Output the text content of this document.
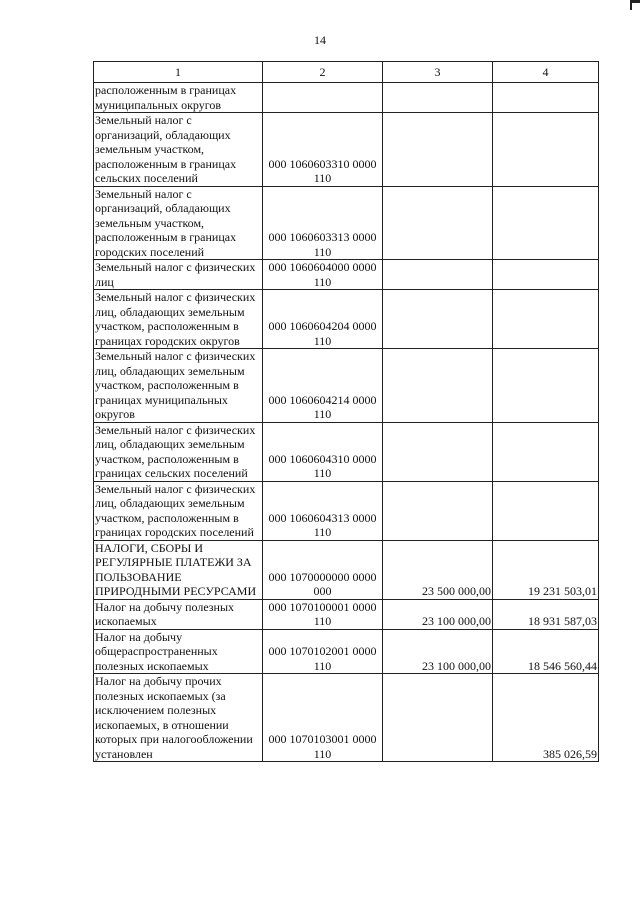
14
1	2	3	4
расположенным в границах муниципальных округов			
Земельный налог с организаций, обладающих земельным участком, расположенным в границах сельских поселений	000 1060603310 0000 110		
Земельный налог с организаций, обладающих земельным участком, расположенным в границах городских поселений	000 1060603313 0000 110		
Земельный налог с физических лиц	000 1060604000 0000 110		
Земельный налог с физических лиц, обладающих земельным участком, расположенным в границах городских округов	000 1060604204 0000 110		
Земельный налог с физических лиц, обладающих земельным участком, расположенным в границах муниципальных округов	000 1060604214 0000 110		
Земельный налог с физических лиц, обладающих земельным участком, расположенным в границах сельских поселений	000 1060604310 0000 110		
Земельный налог с физических лиц, обладающих земельным участком, расположенным в границах городских поселений	000 1060604313 0000 110		
НАЛОГИ, СБОРЫ И РЕГУЛЯРНЫЕ ПЛАТЕЖИ ЗА ПОЛЬЗОВАНИЕ ПРИРОДНЫМИ РЕСУРСАМИ	000 1070000000 0000 000	23 500 000,00	19 231 503,01
Налог на добычу полезных ископаемых	000 1070100001 0000 110	23 100 000,00	18 931 587,03
Налог на добычу общераспространенных полезных ископаемых	000 1070102001 0000 110	23 100 000,00	18 546 560,44
Налог на добычу прочих полезных ископаемых (за исключением полезных ископаемых, в отношении которых при налогообложении установлен	000 1070103001 0000 110		385 026,59
